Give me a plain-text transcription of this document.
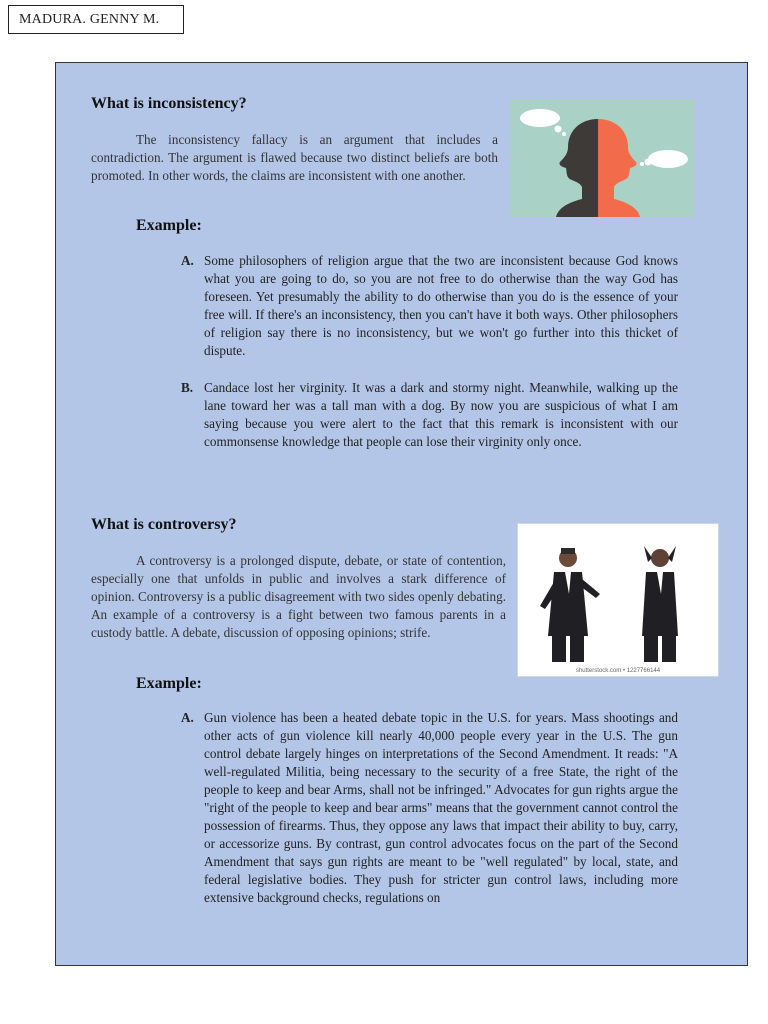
MADURA. GENNY M.
What is inconsistency?

The inconsistency fallacy is an argument that includes a contradiction. The argument is flawed because two distinct beliefs are both promoted. In other words, the claims are inconsistent with one another.

Example:
A. Some philosophers of religion argue that the two are inconsistent because God knows what you are going to do, so you are not free to do otherwise than the way God has foreseen. Yet presumably the ability to do otherwise than you do is the essence of your free will. If there's an inconsistency, then you can't have it both ways. Other philosophers of religion say there is no inconsistency, but we won't go further into this thicket of dispute.
B. Candace lost her virginity. It was a dark and stormy night. Meanwhile, walking up the lane toward her was a tall man with a dog. By now you are suspicious of what I am saying because you were alert to the fact that this remark is inconsistent with our commonsense knowledge that people can lose their virginity only once.
What is controversy?

A controversy is a prolonged dispute, debate, or state of contention, especially one that unfolds in public and involves a stark difference of opinion. Controversy is a public disagreement with two sides openly debating. An example of a controversy is a fight between two famous parents in a custody battle. A debate, discussion of opposing opinions; strife.

shutterstock.com • 1227766144
Example:
A. Gun violence has been a heated debate topic in the U.S. for years. Mass shootings and other acts of gun violence kill nearly 40,000 people every year in the U.S. The gun control debate largely hinges on interpretations of the Second Amendment. It reads: "A well-regulated Militia, being necessary to the security of a free State, the right of the people to keep and bear Arms, shall not be infringed." Advocates for gun rights argue the "right of the people to keep and bear arms" means that the government cannot control the possession of firearms. Thus, they oppose any laws that impact their ability to buy, carry, or accessorize guns. By contrast, gun control advocates focus on the part of the Second Amendment that says gun rights are meant to be "well regulated" by local, state, and federal legislative bodies. They push for stricter gun control laws, including more extensive background checks, regulations on
